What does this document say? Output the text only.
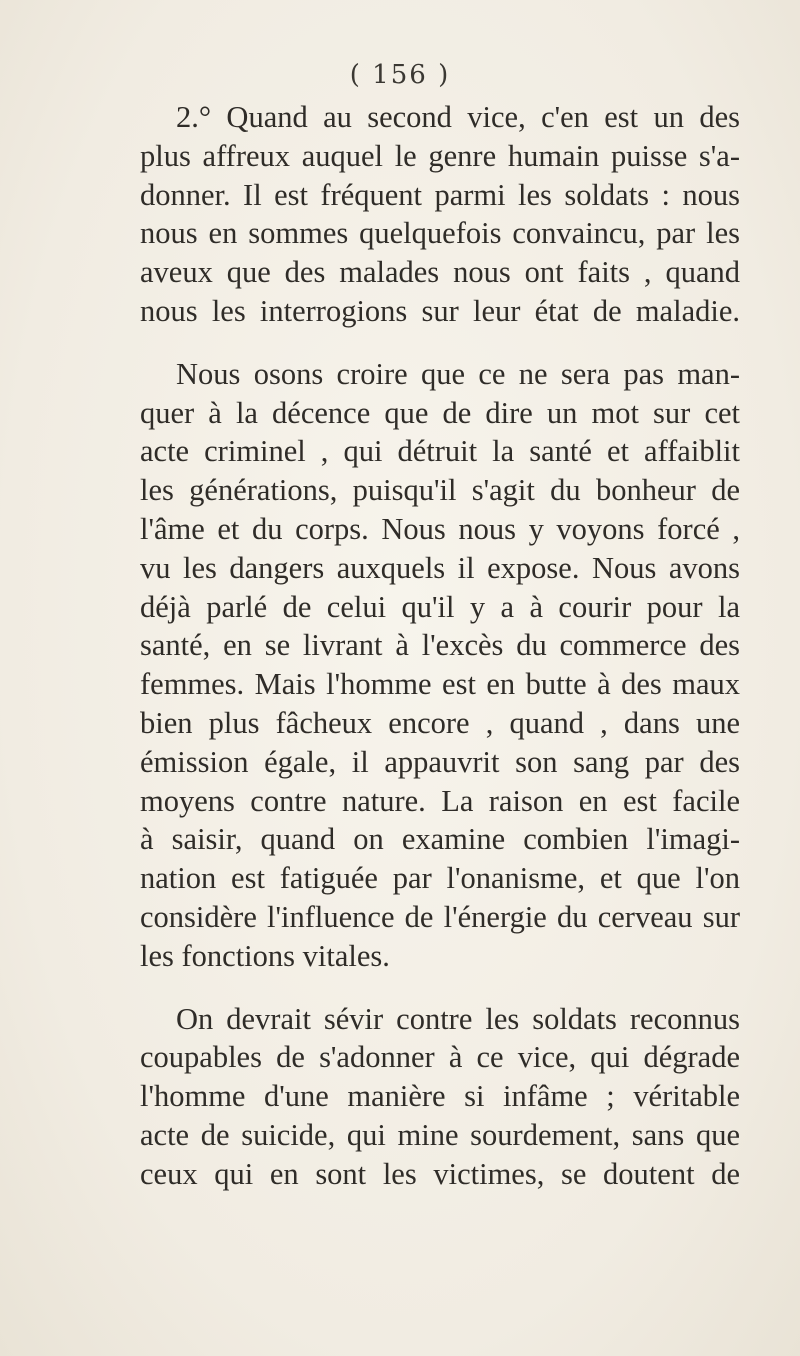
( 156 )
2.° Quand au second vice, c'en est un des
plus affreux auquel le genre humain puisse s'a-
donner. Il est fréquent parmi les soldats : nous
nous en sommes quelquefois convaincu, par les
aveux que des malades nous ont faits , quand
nous les interrogions sur leur état de maladie.
Nous osons croire que ce ne sera pas man-
quer à la décence que de dire un mot sur cet
acte criminel , qui détruit la santé et affaiblit
les générations, puisqu'il s'agit du bonheur de
l'âme et du corps. Nous nous y voyons forcé ,
vu les dangers auxquels il expose. Nous avons
déjà parlé de celui qu'il y a à courir pour la
santé, en se livrant à l'excès du commerce des
femmes. Mais l'homme est en butte à des maux
bien plus fâcheux encore , quand , dans une
émission égale, il appauvrit son sang par des
moyens contre nature. La raison en est facile
à saisir, quand on examine combien l'imagi-
nation est fatiguée par l'onanisme, et que l'on
considère l'influence de l'énergie du cerveau sur
les fonctions vitales.
On devrait sévir contre les soldats reconnus
coupables de s'adonner à ce vice, qui dégrade
l'homme d'une manière si infâme ; véritable
acte de suicide, qui mine sourdement, sans que
ceux qui en sont les victimes, se doutent de
